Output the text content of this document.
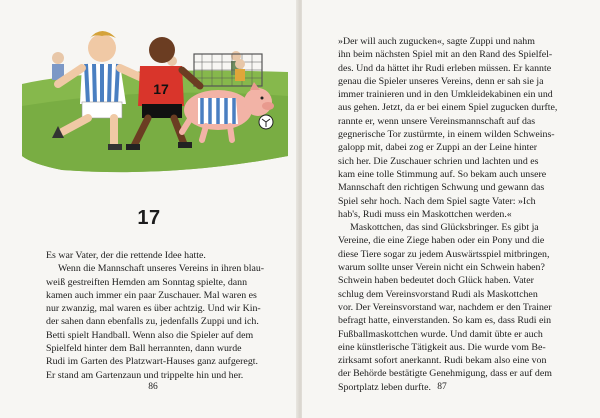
17
17

Es war Vater, der die rettende Idee hatte.
Wenn die Mannschaft unseres Vereins in ihren blau-
weiß gestreiften Hemden am Sonntag spielte, dann
kamen auch immer ein paar Zuschauer. Mal waren es
nur zwanzig, mal waren es über achtzig. Und wir Kin-
der sahen dann ebenfalls zu, jedenfalls Zuppi und ich.
Betti spielt Handball. Wenn also die Spieler auf dem
Spielfeld hinter dem Ball herrannten, dann wurde
Rudi im Garten des Platzwart-Hauses ganz aufgeregt.
Er stand am Gartenzaun und trippelte hin und her.

86

»Der will auch zugucken«, sagte Zuppi und nahm
ihn beim nächsten Spiel mit an den Rand des Spielfel-
des. Und da hättet ihr Rudi erleben müssen. Er kannte
genau die Spieler unseres Vereins, denn er sah sie ja
immer trainieren und in den Umkleidekabinen ein und
aus gehen. Jetzt, da er bei einem Spiel zugucken durfte,
rannte er, wenn unsere Vereinsmannschaft auf das
gegnerische Tor zustürmte, in einem wilden Schweins-
galopp mit, dabei zog er Zuppi an der Leine hinter
sich her. Die Zuschauer schrien und lachten und es
kam eine tolle Stimmung auf. So bekam auch unsere
Mannschaft den richtigen Schwung und gewann das
Spiel sehr hoch. Nach dem Spiel sagte Vater: »Ich
hab's, Rudi muss ein Maskottchen werden.«
Maskottchen, das sind Glücksbringer. Es gibt ja
Vereine, die eine Ziege haben oder ein Pony und die
diese Tiere sogar zu jedem Auswärtsspiel mitbringen,
warum sollte unser Verein nicht ein Schwein haben?
Schwein haben bedeutet doch Glück haben. Vater
schlug dem Vereinsvorstand Rudi als Maskottchen
vor. Der Vereinsvorstand war, nachdem er den Trainer
befragt hatte, einverstanden. So kam es, dass Rudi ein
Fußballmaskottchen wurde. Und damit übte er auch
eine künstlerische Tätigkeit aus. Die wurde vom Be-
zirksamt sofort anerkannt. Rudi bekam also eine von
der Behörde bestätigte Genehmigung, dass er auf dem
Sportplatz leben durfte. 87
